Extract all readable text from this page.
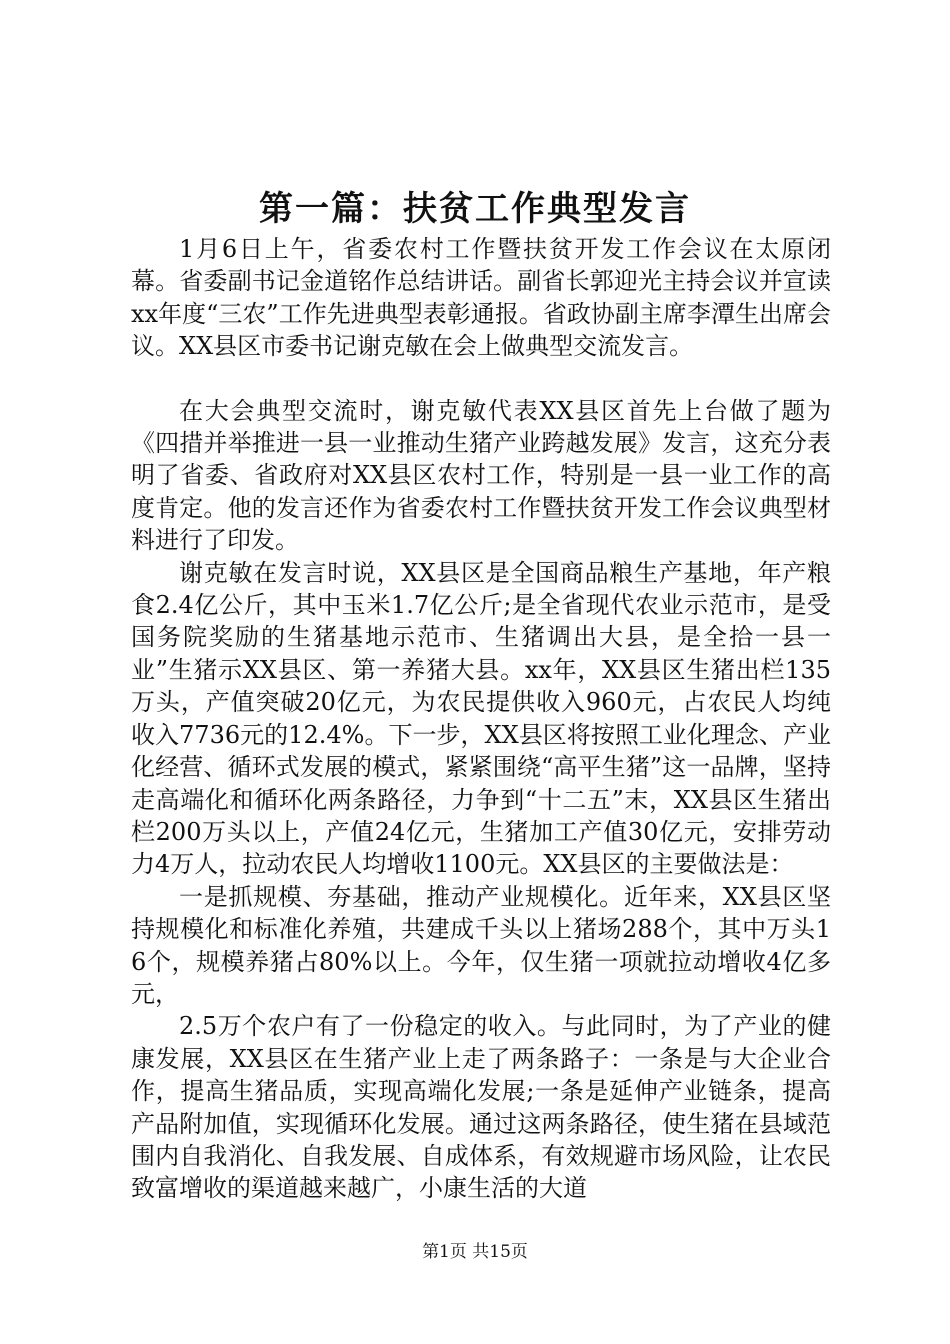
第一篇：扶贫工作典型发言

1月6日上午，省委农村工作暨扶贫开发工作会议在太原闭幕。省委副书记金道铭作总结讲话。副省长郭迎光主持会议并宣读xx年度“三农”工作先进典型表彰通报。省政协副主席李潭生出席会议。XX县区市委书记谢克敏在会上做典型交流发言。

在大会典型交流时，谢克敏代表XX县区首先上台做了题为《四措并举推进一县一业推动生猪产业跨越发展》发言，这充分表明了省委、省政府对XX县区农村工作，特别是一县一业工作的高度肯定。他的发言还作为省委农村工作暨扶贫开发工作会议典型材料进行了印发。

谢克敏在发言时说，XX县区是全国商品粮生产基地，年产粮食2.4亿公斤，其中玉米1.7亿公斤;是全省现代农业示范市，是受国务院奖励的生猪基地示范市、生猪调出大县，是全拾一县一业”生猪示XX县区、第一养猪大县。xx年，XX县区生猪出栏135万头，产值突破20亿元，为农民提供收入960元，占农民人均纯收入7736元的12.4%。下一步，XX县区将按照工业化理念、产业化经营、循环式发展的模式，紧紧围绕“高平生猪”这一品牌，坚持走高端化和循环化两条路径，力争到“十二五”末，XX县区生猪出栏200万头以上，产值24亿元，生猪加工产值30亿元，安排劳动力4万人，拉动农民人均增收1100元。XX县区的主要做法是：

一是抓规模、夯基础，推动产业规模化。近年来，XX县区坚持规模化和标准化养殖，共建成千头以上猪场288个，其中万头16个，规模养猪占80%以上。今年，仅生猪一项就拉动增收4亿多元，

2.5万个农户有了一份稳定的收入。与此同时，为了产业的健康发展，XX县区在生猪产业上走了两条路子：一条是与大企业合作，提高生猪品质，实现高端化发展;一条是延伸产业链条，提高产品附加值，实现循环化发展。通过这两条路径，使生猪在县域范围内自我消化、自我发展、自成体系，有效规避市场风险，让农民致富增收的渠道越来越广，小康生活的大道

第1页 共15页
